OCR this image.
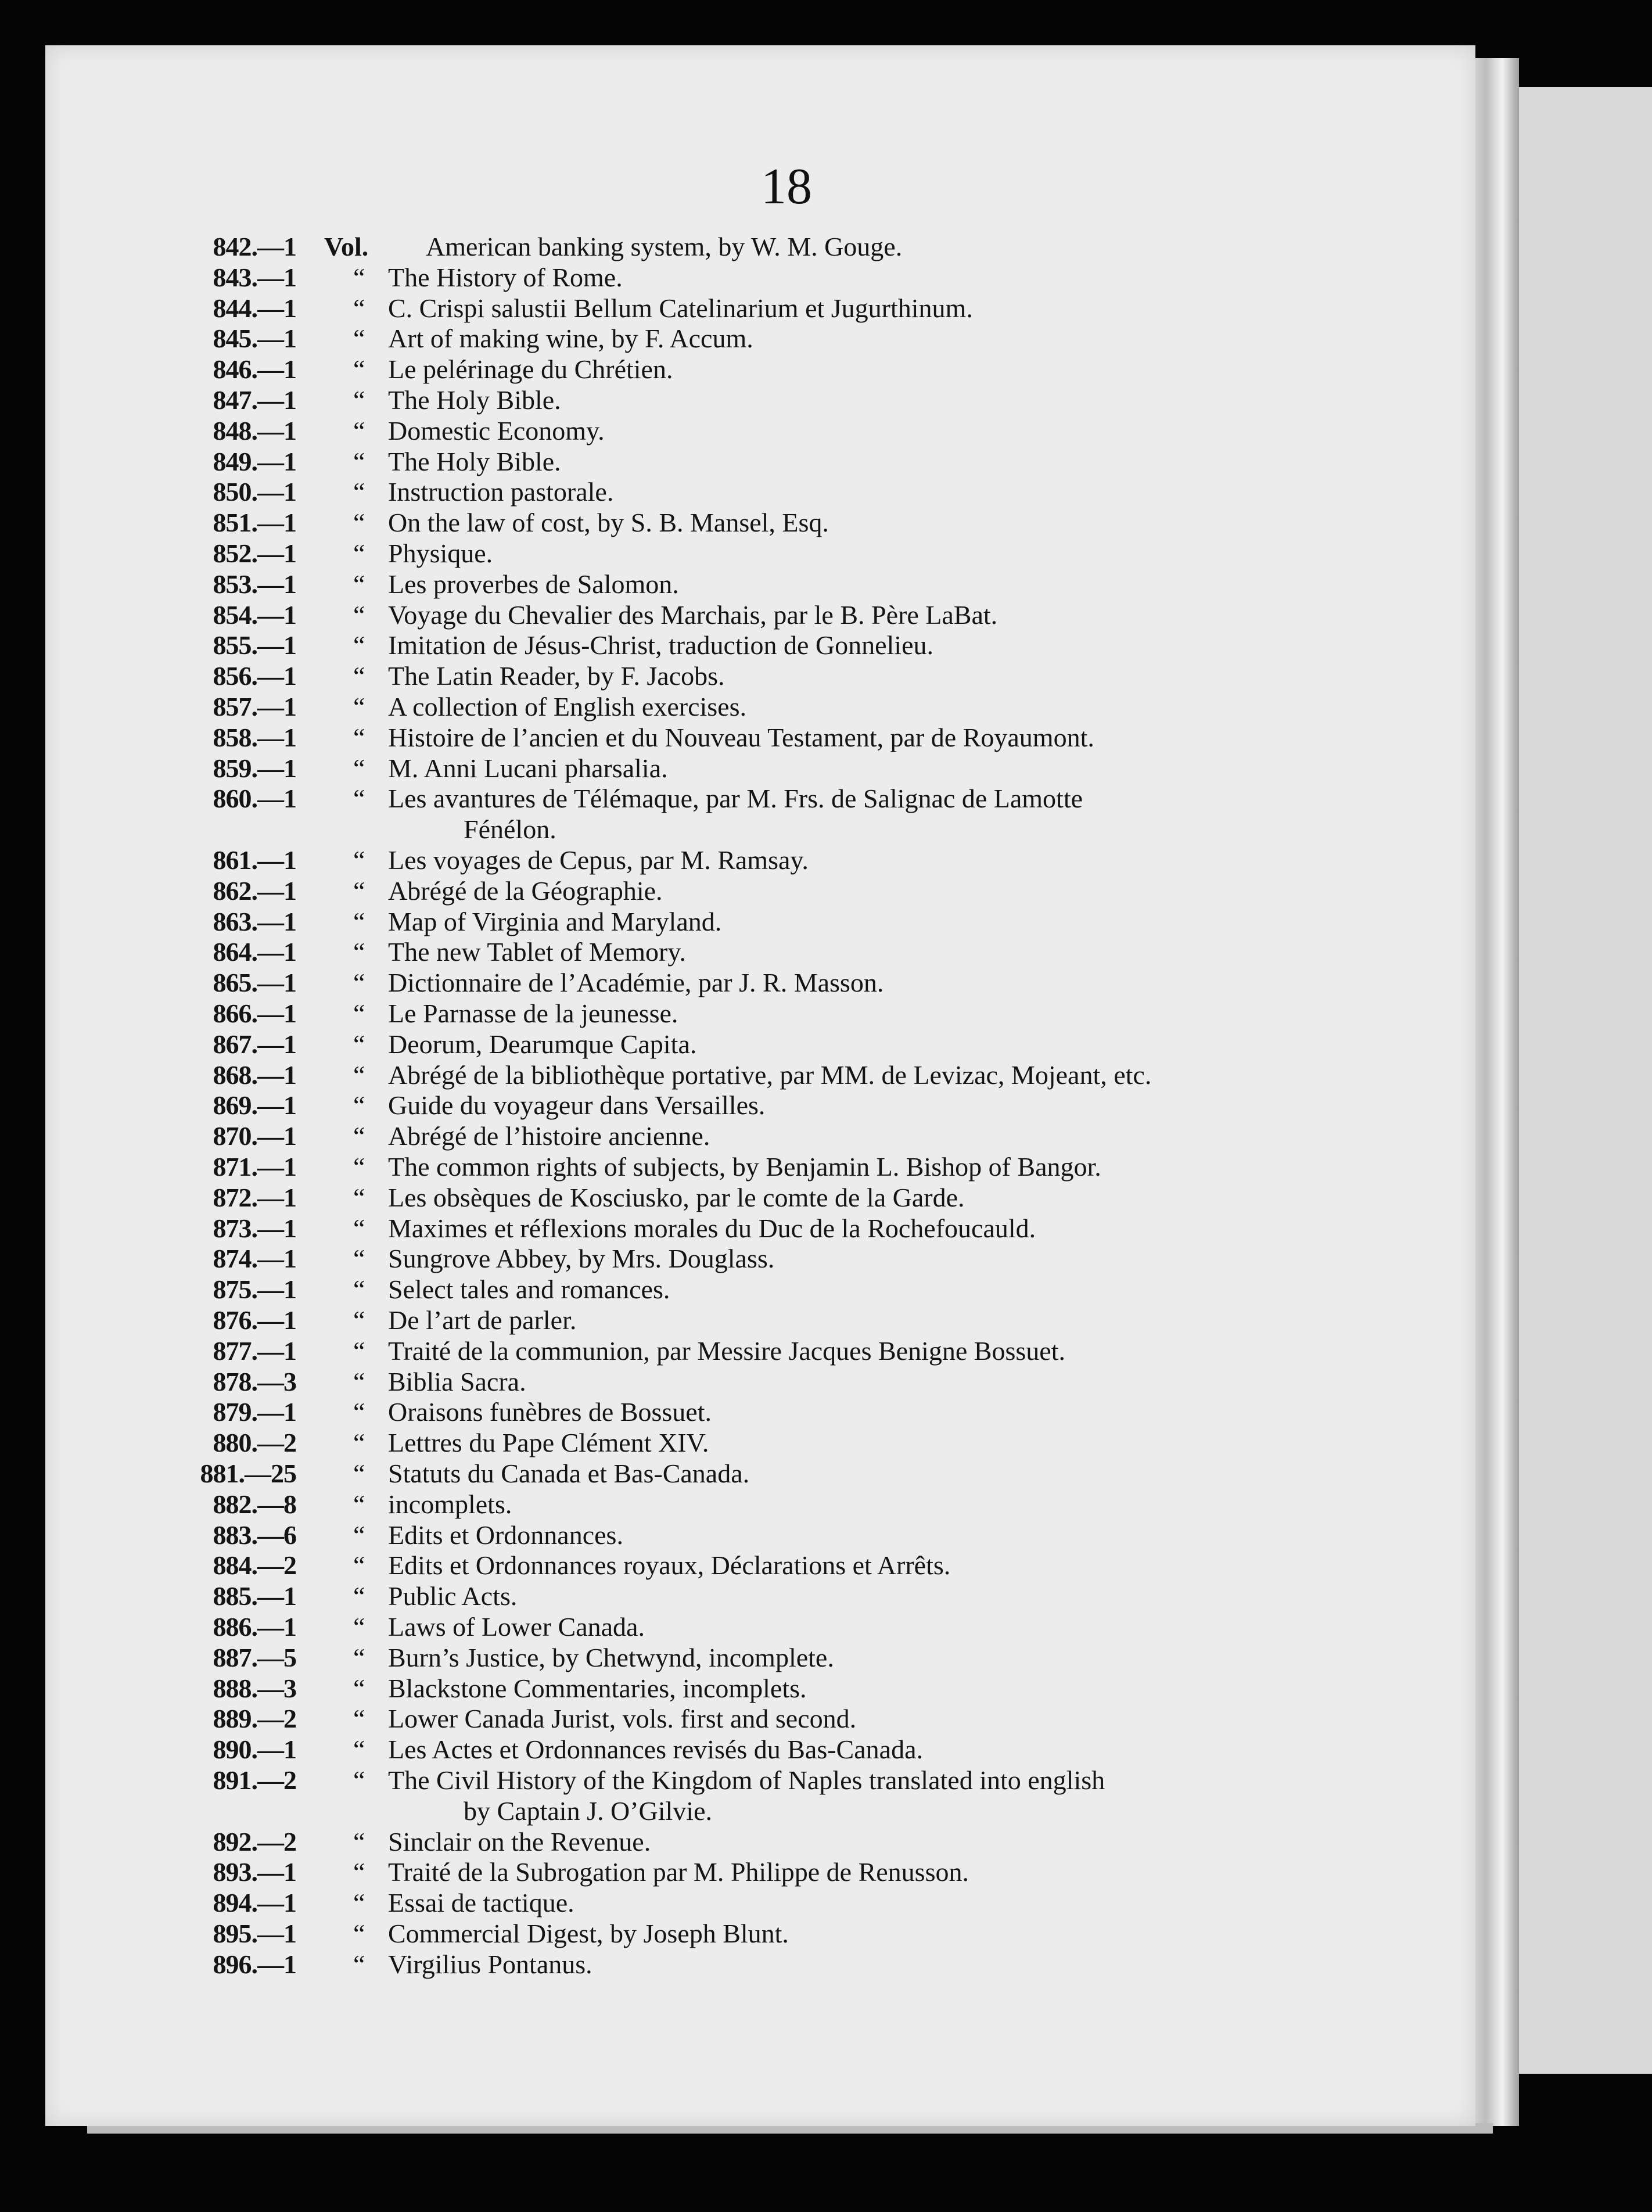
18
842.—1 Vol. American banking system, by W. M. Gouge.
843.—1 “ The History of Rome.
844.—1 “ C. Crispi salustii Bellum Catelinarium et Jugurthinum.
845.—1 “ Art of making wine, by F. Accum.
846.—1 “ Le pelérinage du Chrétien.
847.—1 “ The Holy Bible.
848.—1 “ Domestic Economy.
849.—1 “ The Holy Bible.
850.—1 “ Instruction pastorale.
851.—1 “ On the law of cost, by S. B. Mansel, Esq.
852.—1 “ Physique.
853.—1 “ Les proverbes de Salomon.
854.—1 “ Voyage du Chevalier des Marchais, par le B. Père LaBat.
855.—1 “ Imitation de Jésus-Christ, traduction de Gonnelieu.
856.—1 “ The Latin Reader, by F. Jacobs.
857.—1 “ A collection of English exercises.
858.—1 “ Histoire de l’ancien et du Nouveau Testament, par de Royaumont.
859.—1 “ M. Anni Lucani pharsalia.
860.—1 “ Les avantures de Télémaque, par M. Frs. de Salignac de Lamotte
Fénélon.
861.—1 “ Les voyages de Cepus, par M. Ramsay.
862.—1 “ Abrégé de la Géographie.
863.—1 “ Map of Virginia and Maryland.
864.—1 “ The new Tablet of Memory.
865.—1 “ Dictionnaire de l’Académie, par J. R. Masson.
866.—1 “ Le Parnasse de la jeunesse.
867.—1 “ Deorum, Dearumque Capita.
868.—1 “ Abrégé de la bibliothèque portative, par MM. de Levizac, Mojeant, etc.
869.—1 “ Guide du voyageur dans Versailles.
870.—1 “ Abrégé de l’histoire ancienne.
871.—1 “ The common rights of subjects, by Benjamin L. Bishop of Bangor.
872.—1 “ Les obsèques de Kosciusko, par le comte de la Garde.
873.—1 “ Maximes et réflexions morales du Duc de la Rochefoucauld.
874.—1 “ Sungrove Abbey, by Mrs. Douglass.
875.—1 “ Select tales and romances.
876.—1 “ De l’art de parler.
877.—1 “ Traité de la communion, par Messire Jacques Benigne Bossuet.
878.—3 “ Biblia Sacra.
879.—1 “ Oraisons funèbres de Bossuet.
880.—2 “ Lettres du Pape Clément XIV.
881.—25 “ Statuts du Canada et Bas-Canada.
882.—8 “ incomplets.
883.—6 “ Edits et Ordonnances.
884.—2 “ Edits et Ordonnances royaux, Déclarations et Arrêts.
885.—1 “ Public Acts.
886.—1 “ Laws of Lower Canada.
887.—5 “ Burn’s Justice, by Chetwynd, incomplete.
888.—3 “ Blackstone Commentaries, incomplets.
889.—2 “ Lower Canada Jurist, vols. first and second.
890.—1 “ Les Actes et Ordonnances revisés du Bas-Canada.
891.—2 “ The Civil History of the Kingdom of Naples translated into english
by Captain J. O’Gilvie.
892.—2 “ Sinclair on the Revenue.
893.—1 “ Traité de la Subrogation par M. Philippe de Renusson.
894.—1 “ Essai de tactique.
895.—1 “ Commercial Digest, by Joseph Blunt.
896.—1 “ Virgilius Pontanus.
